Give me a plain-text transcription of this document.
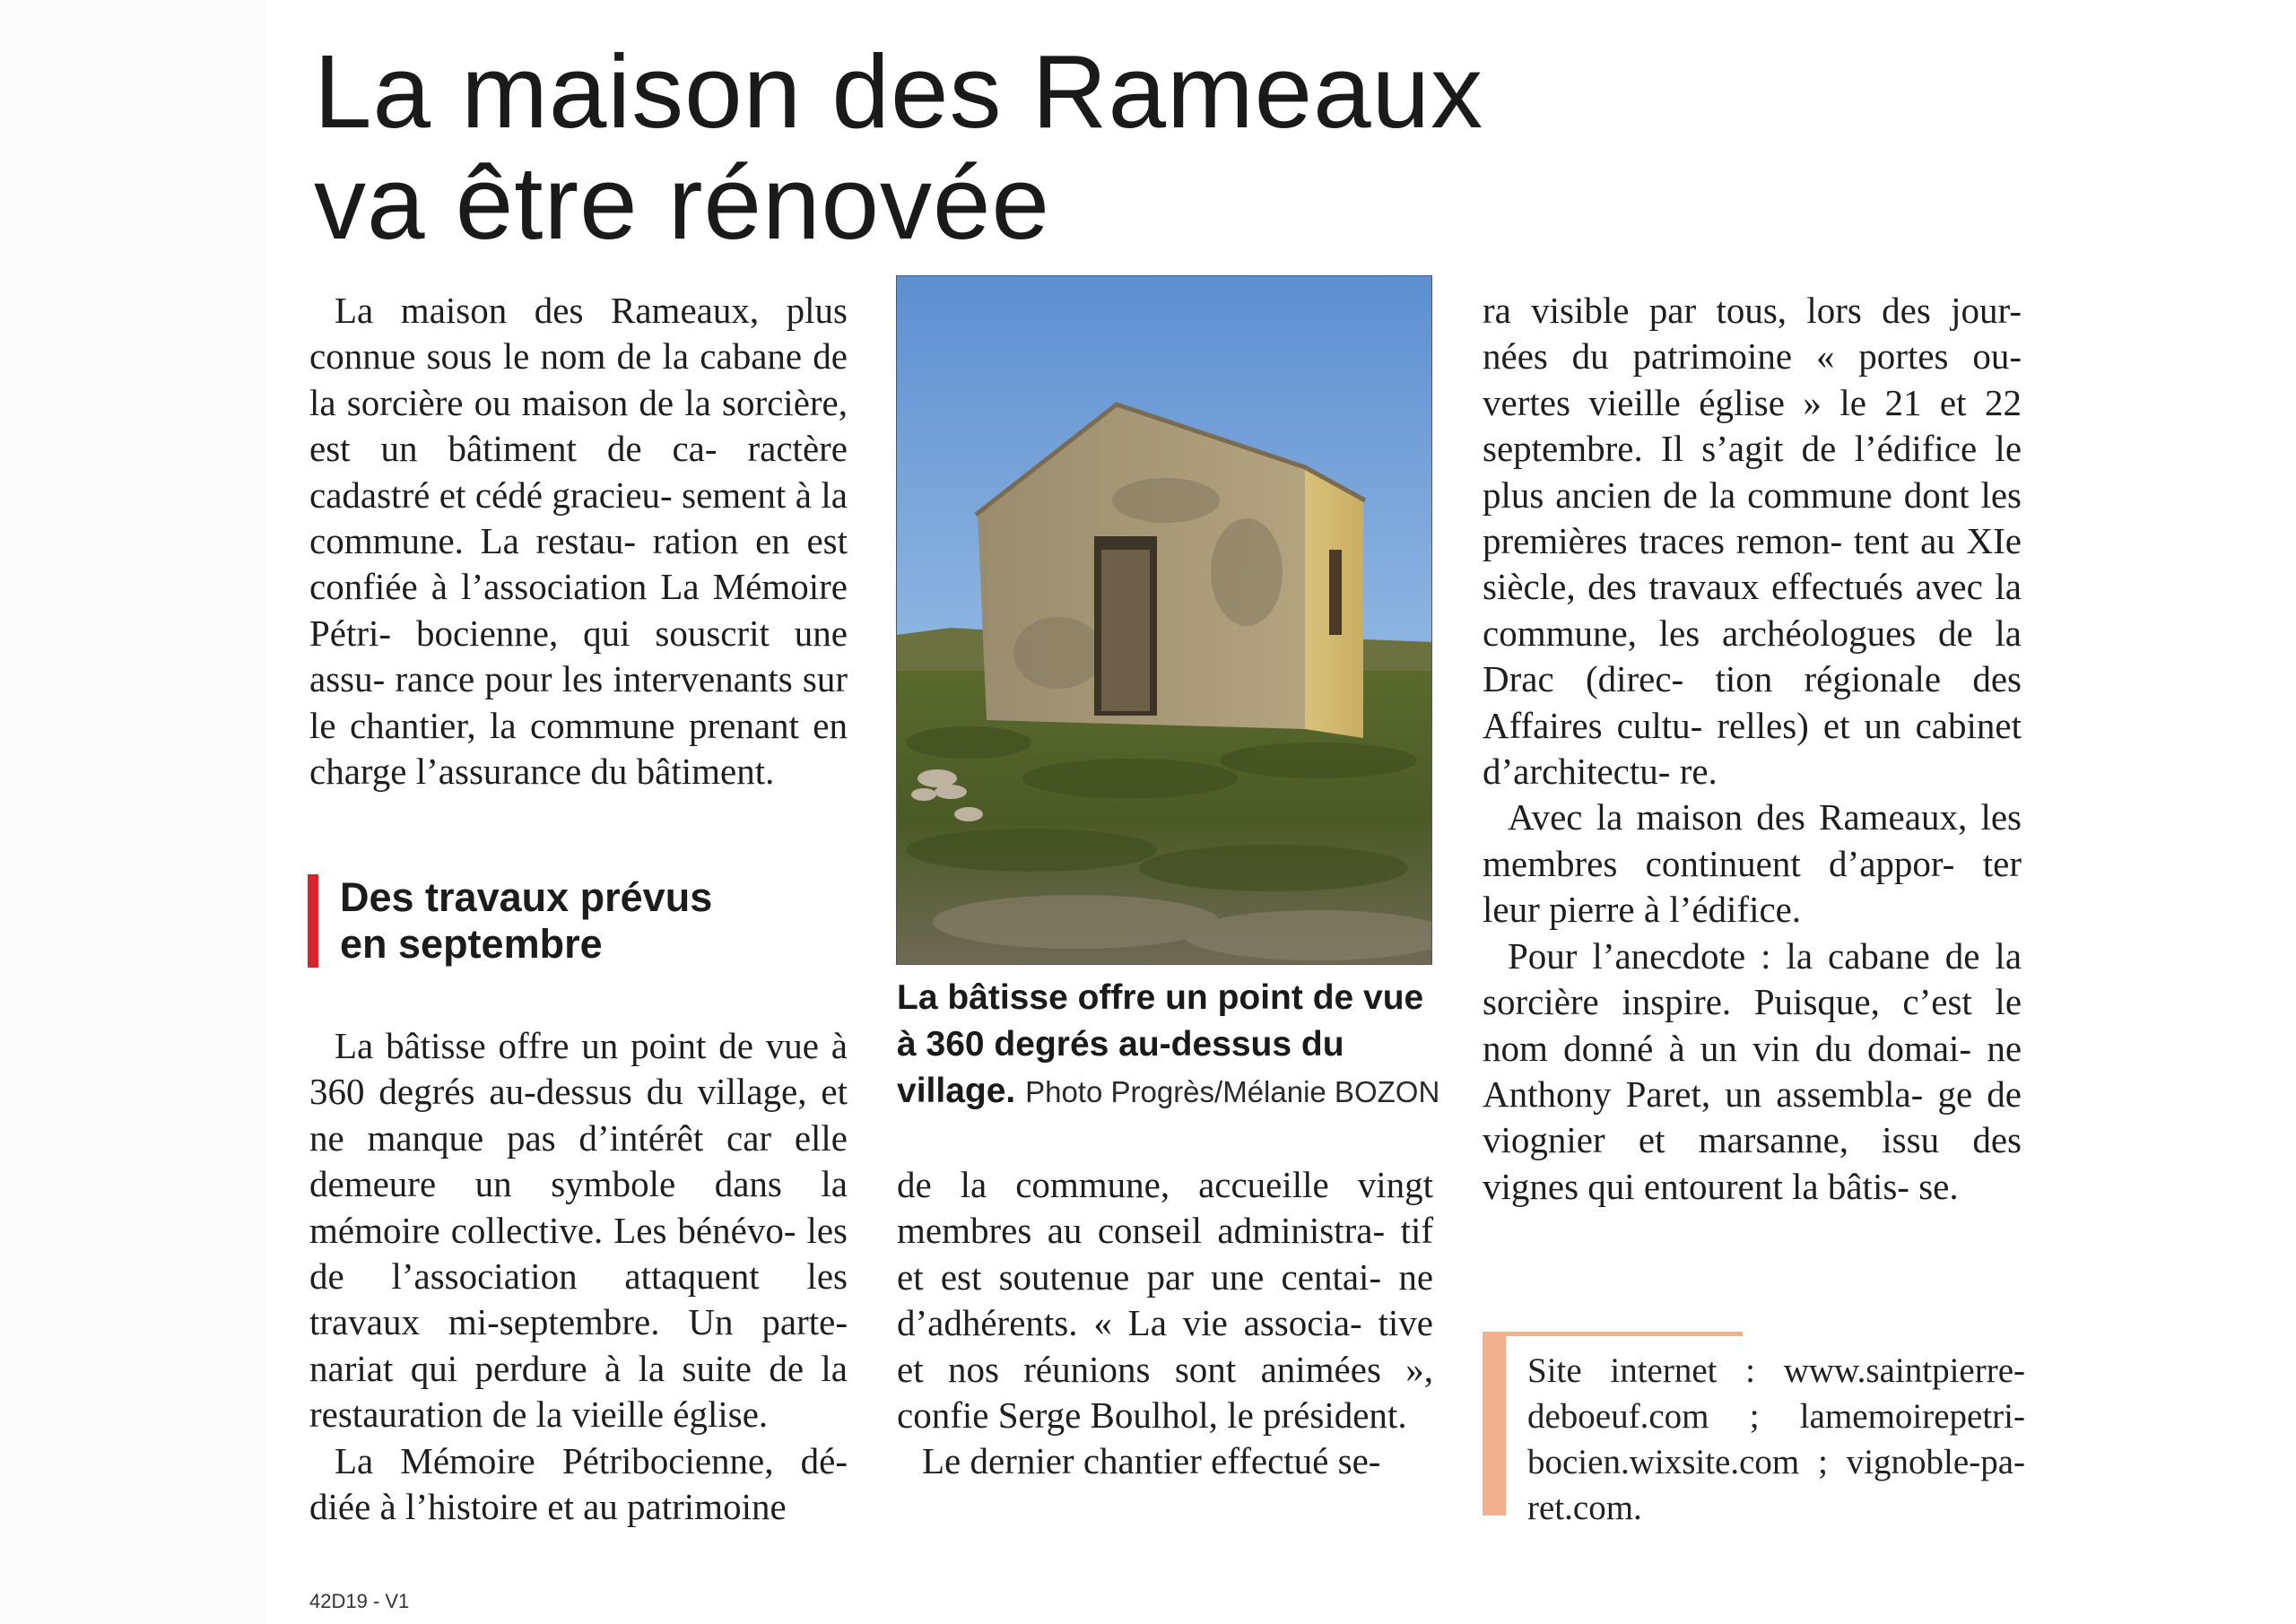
La maison des Rameaux
va être rénovée

La maison des Rameaux, plus connue sous le nom de la cabane de la sorcière ou maison de la sorcière, est un bâtiment de ca- ractère cadastré et cédé gracieu- sement à la commune. La restau- ration en est confiée à l’association La Mémoire Pétri- bocienne, qui souscrit une assu- rance pour les intervenants sur le chantier, la commune prenant en charge l’assurance du bâtiment.

Des travaux prévus
en septembre

La bâtisse offre un point de vue à 360 degrés au-dessus du village, et ne manque pas d’intérêt car elle demeure un symbole dans la mémoire collective. Les bénévo- les de l’association attaquent les travaux mi-septembre. Un parte- nariat qui perdure à la suite de la restauration de la vieille église.

La Mémoire Pétribocienne, dé- diée à l’histoire et au patrimoine

La bâtisse offre un point de vue
à 360 degrés au-dessus du
village. Photo Progrès/Mélanie BOZON

de la commune, accueille vingt membres au conseil administra- tif et est soutenue par une centai- ne d’adhérents. « La vie associa- tive et nos réunions sont animées », confie Serge Boulhol, le président.

Le dernier chantier effectué se-

ra visible par tous, lors des jour- nées du patrimoine « portes ou- vertes vieille église » le 21 et 22 septembre. Il s’agit de l’édifice le plus ancien de la commune dont les premières traces remon- tent au XIe siècle, des travaux effectués avec la commune, les archéologues de la Drac (direc- tion régionale des Affaires cultu- relles) et un cabinet d’architectu- re.

Avec la maison des Rameaux, les membres continuent d’appor- ter leur pierre à l’édifice.

Pour l’anecdote : la cabane de la sorcière inspire. Puisque, c’est le nom donné à un vin du domai- ne Anthony Paret, un assembla- ge de viognier et marsanne, issu des vignes qui entourent la bâtis- se.

Site internet : www.saintpierre- deboeuf.com ; lamemoirepetri- bocien.wixsite.com ; vignoble-pa- ret.com.
42D19 - V1
